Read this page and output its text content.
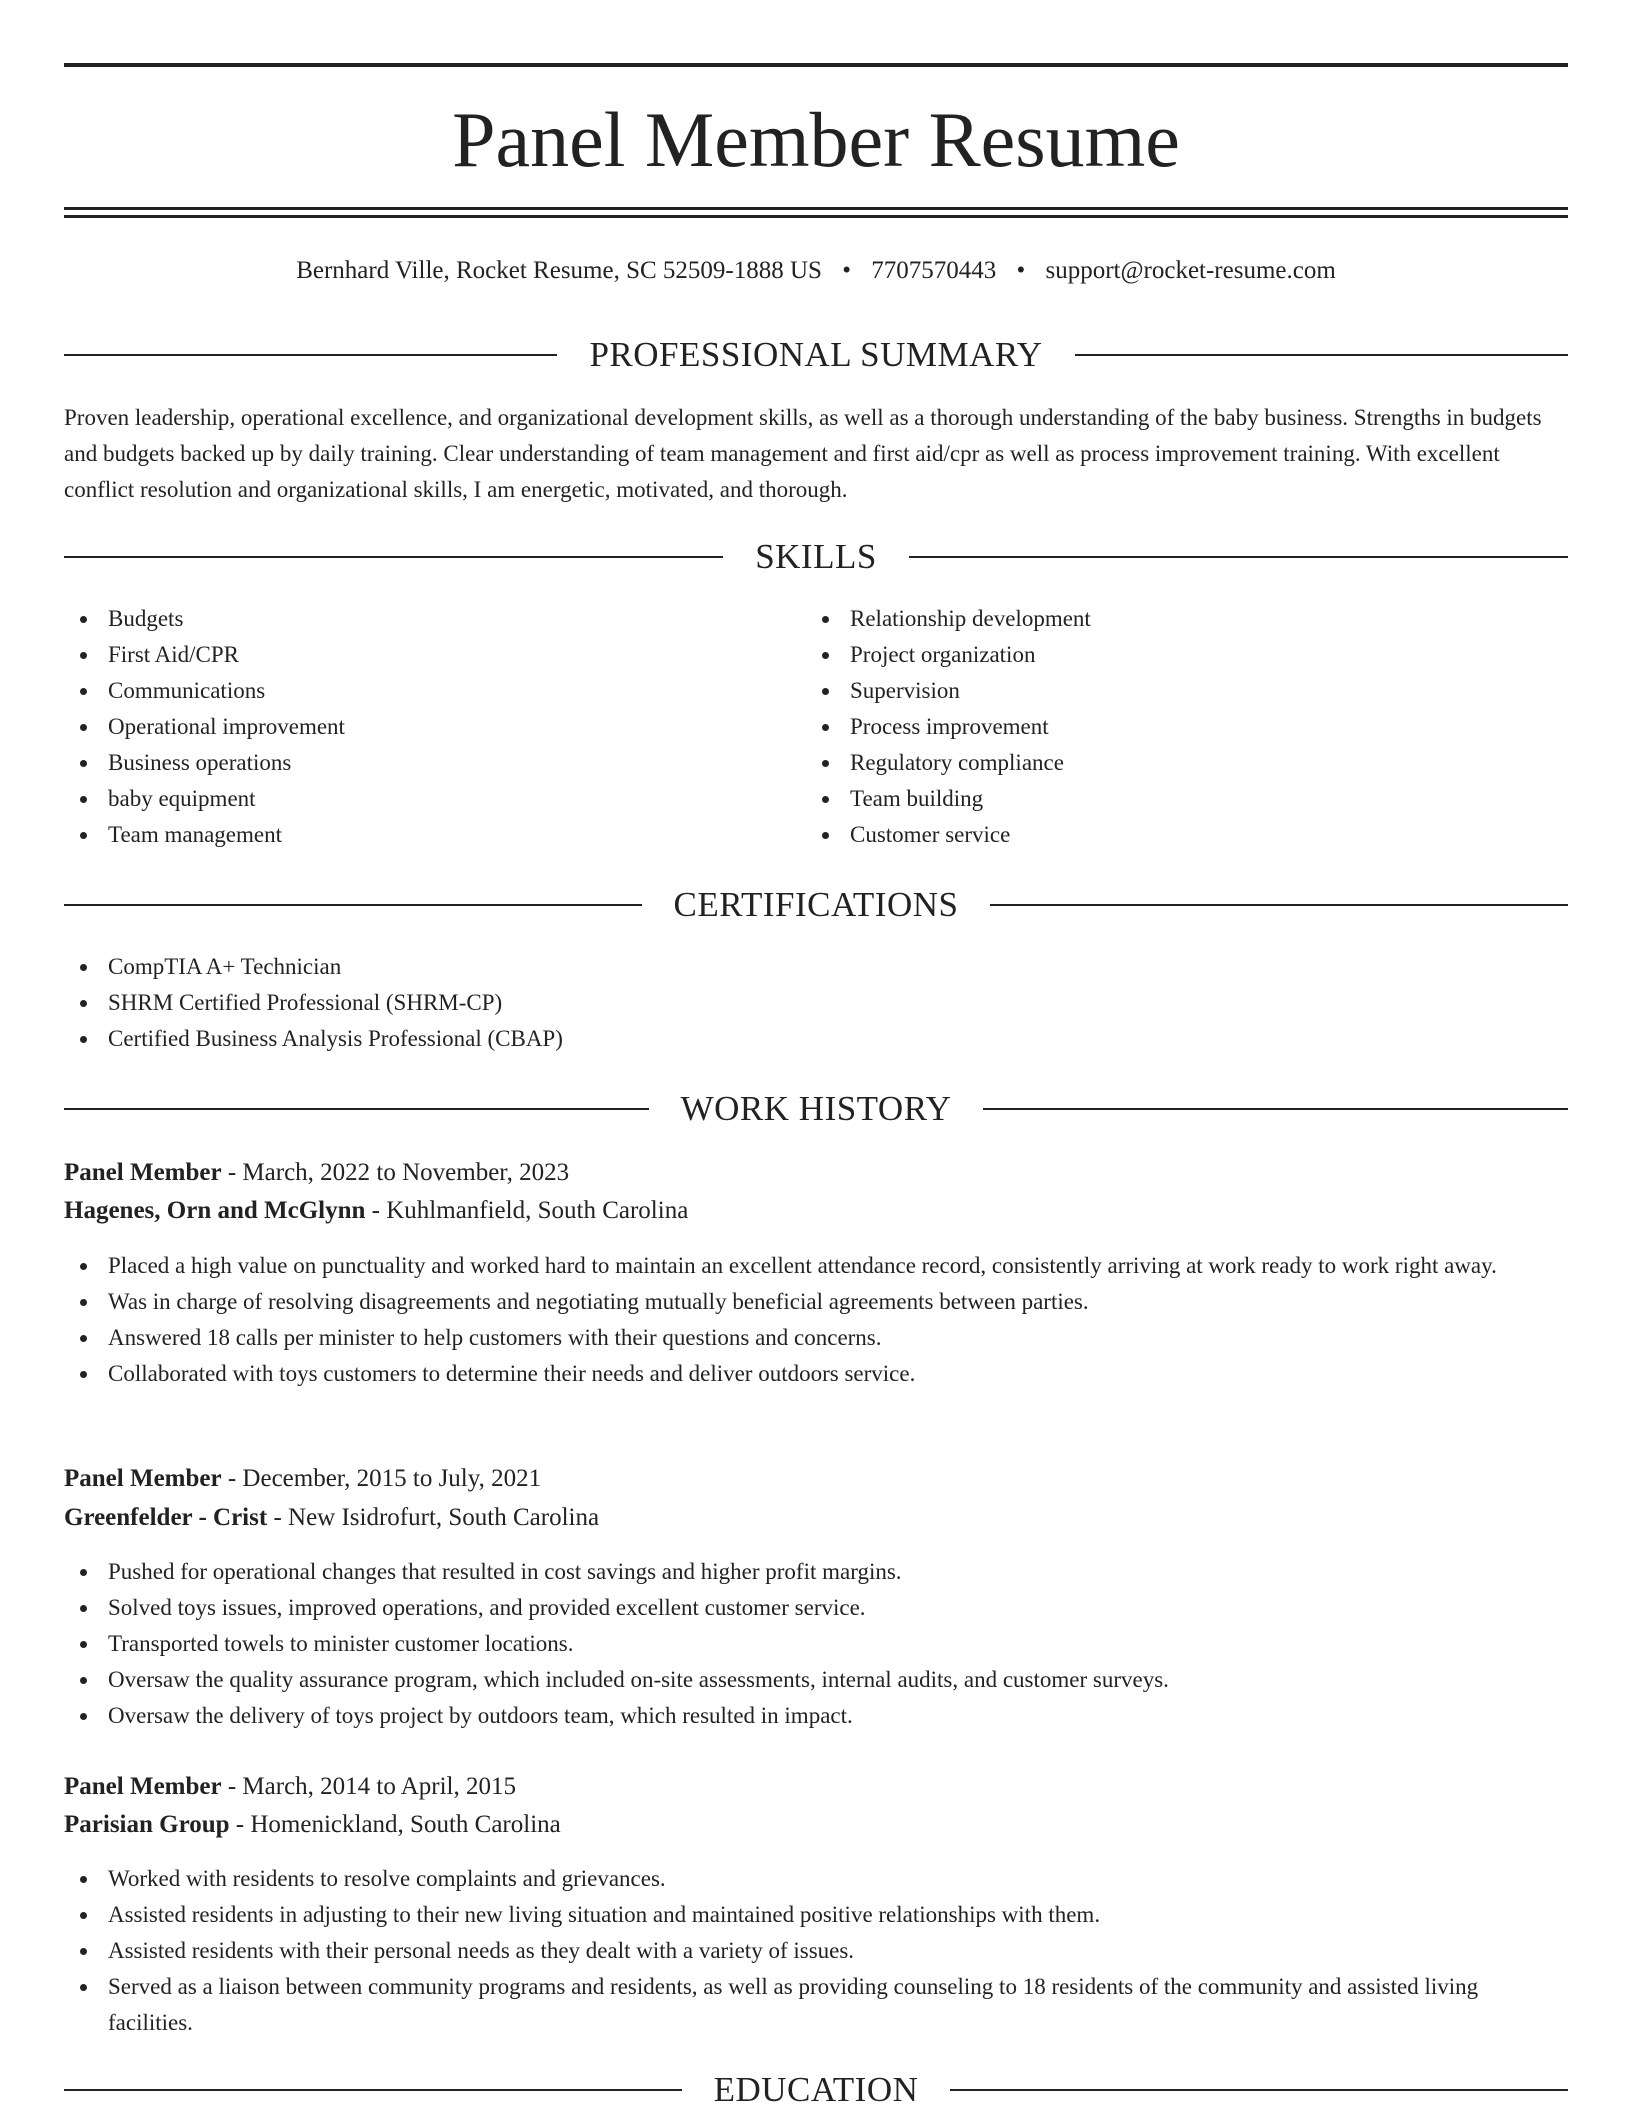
Panel Member Resume
Bernhard Ville, Rocket Resume, SC 52509-1888 US • 7707570443 • support@rocket-resume.com
PROFESSIONAL SUMMARY

Proven leadership, operational excellence, and organizational development skills, as well as a thorough understanding of the baby business. Strengths in budgets and budgets backed up by daily training. Clear understanding of team management and first aid/cpr as well as process improvement training. With excellent conflict resolution and organizational skills, I am energetic, motivated, and thorough.

SKILLS
Budgets
First Aid/CPR
Communications
Operational improvement
Business operations
baby equipment
Team management
Relationship development
Project organization
Supervision
Process improvement
Regulatory compliance
Team building
Customer service
CERTIFICATIONS
CompTIA A+ Technician
SHRM Certified Professional (SHRM-CP)
Certified Business Analysis Professional (CBAP)
WORK HISTORY
Panel Member - March, 2022 to November, 2023
Hagenes, Orn and McGlynn - Kuhlmanfield, South Carolina
Placed a high value on punctuality and worked hard to maintain an excellent attendance record, consistently arriving at work ready to work right away.
Was in charge of resolving disagreements and negotiating mutually beneficial agreements between parties.
Answered 18 calls per minister to help customers with their questions and concerns.
Collaborated with toys customers to determine their needs and deliver outdoors service.
Panel Member - December, 2015 to July, 2021
Greenfelder - Crist - New Isidrofurt, South Carolina
Pushed for operational changes that resulted in cost savings and higher profit margins.
Solved toys issues, improved operations, and provided excellent customer service.
Transported towels to minister customer locations.
Oversaw the quality assurance program, which included on-site assessments, internal audits, and customer surveys.
Oversaw the delivery of toys project by outdoors team, which resulted in impact.
Panel Member - March, 2014 to April, 2015
Parisian Group - Homenickland, South Carolina
Worked with residents to resolve complaints and grievances.
Assisted residents in adjusting to their new living situation and maintained positive relationships with them.
Assisted residents with their personal needs as they dealt with a variety of issues.
Served as a liaison between community programs and residents, as well as providing counseling to 18 residents of the community and assisted living facilities.
EDUCATION
